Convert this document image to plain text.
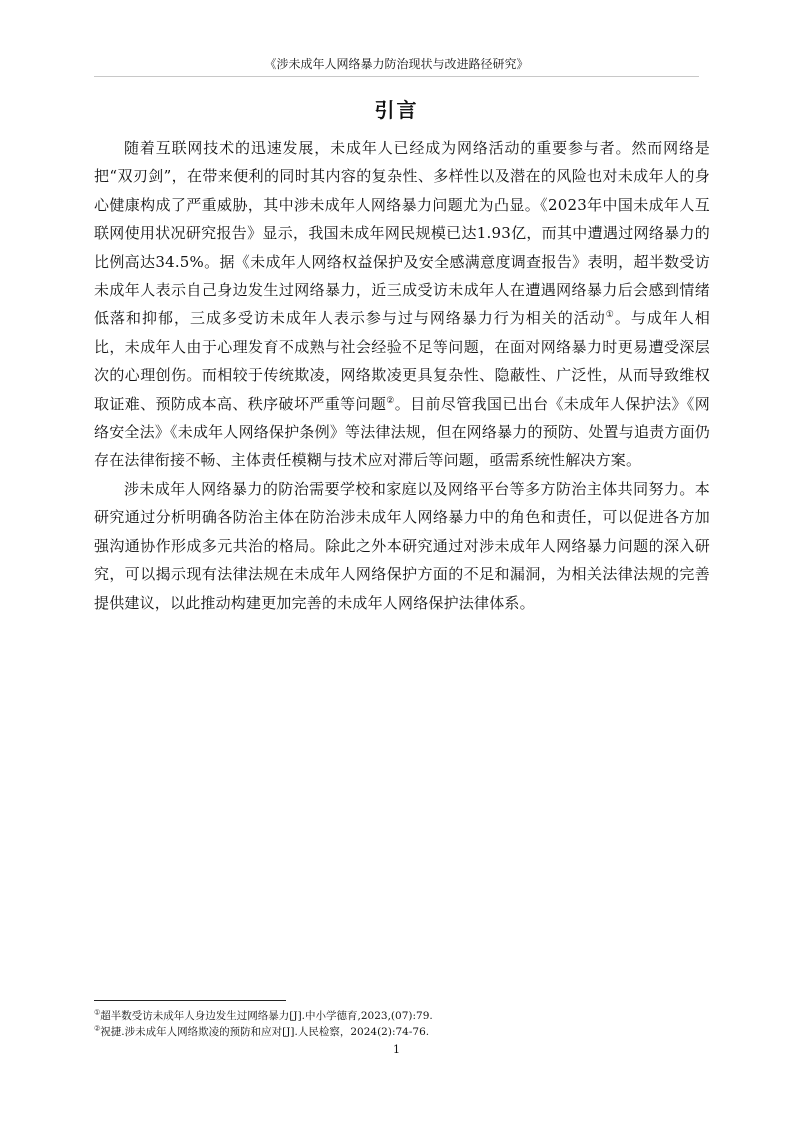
《涉未成年人网络暴力防治现状与改进路径研究》
引言

随着互联网技术的迅速发展，未成年人已经成为网络活动的重要参与者。然而网络是把“双刃剑”，在带来便利的同时其内容的复杂性、多样性以及潜在的风险也对未成年人的身心健康构成了严重威胁，其中涉未成年人网络暴力问题尤为凸显。《2023年中国未成年人互联网使用状况研究报告》显示，我国未成年网民规模已达1.93亿，而其中遭遇过网络暴力的比例高达34.5%。据《未成年人网络权益保护及安全感满意度调查报告》表明，超半数受访未成年人表示自己身边发生过网络暴力，近三成受访未成年人在遭遇网络暴力后会感到情绪低落和抑郁，三成多受访未成年人表示参与过与网络暴力行为相关的活动①。与成年人相比，未成年人由于心理发育不成熟与社会经验不足等问题，在面对网络暴力时更易遭受深层次的心理创伤。而相较于传统欺凌，网络欺凌更具复杂性、隐蔽性、广泛性，从而导致维权取证难、预防成本高、秩序破坏严重等问题②。目前尽管我国已出台《未成年人保护法》《网络安全法》《未成年人网络保护条例》等法律法规，但在网络暴力的预防、处置与追责方面仍存在法律衔接不畅、主体责任模糊与技术应对滞后等问题，亟需系统性解决方案。

涉未成年人网络暴力的防治需要学校和家庭以及网络平台等多方防治主体共同努力。本研究通过分析明确各防治主体在防治涉未成年人网络暴力中的角色和责任，可以促进各方加强沟通协作形成多元共治的格局。除此之外本研究通过对涉未成年人网络暴力问题的深入研究，可以揭示现有法律法规在未成年人网络保护方面的不足和漏洞，为相关法律法规的完善提供建议，以此推动构建更加完善的未成年人网络保护法律体系。

①超半数受访未成年人身边发生过网络暴力[J].中小学德育,2023,(07):79.

②祝捷.涉未成年人网络欺凌的预防和应对[J].人民检察，2024(2):74-76.

1
